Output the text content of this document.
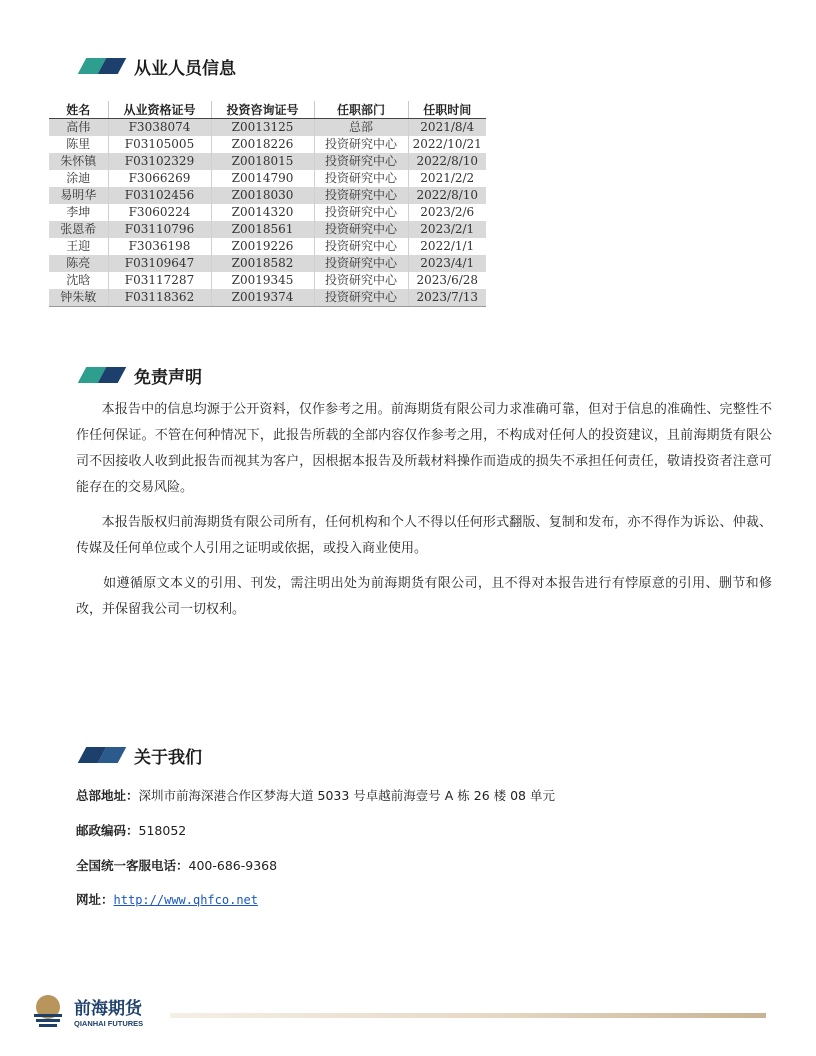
从业人员信息
姓名	从业资格证号	投资咨询证号	任职部门	任职时间
高伟	F3038074	Z0013125	总部	2021/8/4
陈里	F03105005	Z0018226	投资研究中心	2022/10/21
朱怀镇	F03102329	Z0018015	投资研究中心	2022/8/10
涂迪	F3066269	Z0014790	投资研究中心	2021/2/2
易明华	F03102456	Z0018030	投资研究中心	2022/8/10
李坤	F3060224	Z0014320	投资研究中心	2023/2/6
张恩希	F03110796	Z0018561	投资研究中心	2023/2/1
王迎	F3036198	Z0019226	投资研究中心	2022/1/1
陈亮	F03109647	Z0018582	投资研究中心	2023/4/1
沈晗	F03117287	Z0019345	投资研究中心	2023/6/28
钟朱敏	F03118362	Z0019374	投资研究中心	2023/7/13
免责声明

本报告中的信息均源于公开资料，仅作参考之用。前海期货有限公司力求准确可靠，但对于信息的准确性、完整性不作任何保证。不管在何种情况下，此报告所载的全部内容仅作参考之用，不构成对任何人的投资建议，且前海期货有限公司不因接收人收到此报告而视其为客户，因根据本报告及所载材料操作而造成的损失不承担任何责任，敬请投资者注意可能存在的交易风险。

本报告版权归前海期货有限公司所有，任何机构和个人不得以任何形式翻版、复制和发布，亦不得作为诉讼、仲裁、传媒及任何单位或个人引用之证明或依据，或投入商业使用。

如遵循原文本义的引用、刊发，需注明出处为前海期货有限公司，且不得对本报告进行有悖原意的引用、删节和修改，并保留我公司一切权利。

关于我们
总部地址：深圳市前海深港合作区梦海大道 5033 号卓越前海壹号 A 栋 26 楼 08 单元
邮政编码：518052
全国统一客服电话：400-686-9368
网址：http://www.qhfco.net
前海期货
QIANHAI FUTURES
